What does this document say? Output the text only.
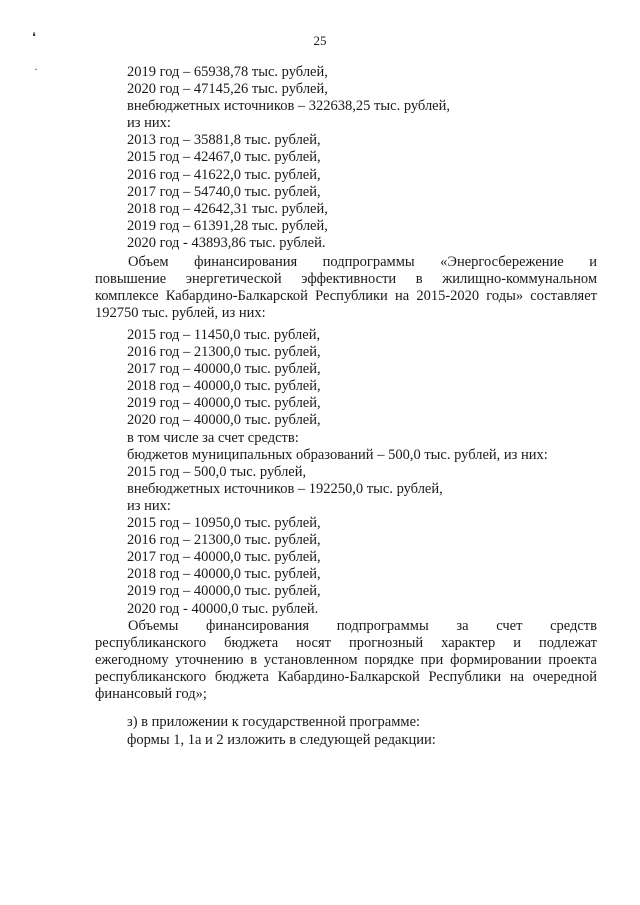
25
❛
·	2019 год – 65938,78 тыс. рублей,
2020 год – 47145,26 тыс. рублей,
внебюджетных источников – 322638,25 тыс. рублей,
из них:
2013 год – 35881,8 тыс. рублей,
2015 год – 42467,0 тыс. рублей,
2016 год – 41622,0 тыс. рублей,
2017 год – 54740,0 тыс. рублей,
2018 год – 42642,31 тыс. рублей,
2019 год – 61391,28 тыс. рублей,
2020 год - 43893,86 тыс. рублей.
Объем финансирования подпрограммы «Энергосбережение и
повышение энергетической эффективности в жилищно-коммунальном
комплексе Кабардино-Балкарской Республики на 2015-2020 годы» составляет
192750 тыс. рублей, из них:
2015 год – 11450,0 тыс. рублей,
2016 год – 21300,0 тыс. рублей,
2017 год – 40000,0 тыс. рублей,
2018 год – 40000,0 тыс. рублей,
2019 год – 40000,0 тыс. рублей,
2020 год – 40000,0 тыс. рублей,
в том числе за счет средств:
бюджетов муниципальных образований – 500,0 тыс. рублей, из них:
2015 год – 500,0 тыс. рублей,
внебюджетных источников – 192250,0 тыс. рублей,
из них:
2015 год – 10950,0 тыс. рублей,
2016 год – 21300,0 тыс. рублей,
2017 год – 40000,0 тыс. рублей,
2018 год – 40000,0 тыс. рублей,
2019 год – 40000,0 тыс. рублей,
2020 год - 40000,0 тыс. рублей.
Объемы финансирования подпрограммы за счет средств
республиканского бюджета носят прогнозный характер и подлежат
ежегодному уточнению в установленном порядке при формировании проекта
республиканского бюджета Кабардино-Балкарской Республики на очередной
финансовый год»;
з) в приложении к государственной программе:
формы 1, 1а и 2 изложить в следующей редакции:
